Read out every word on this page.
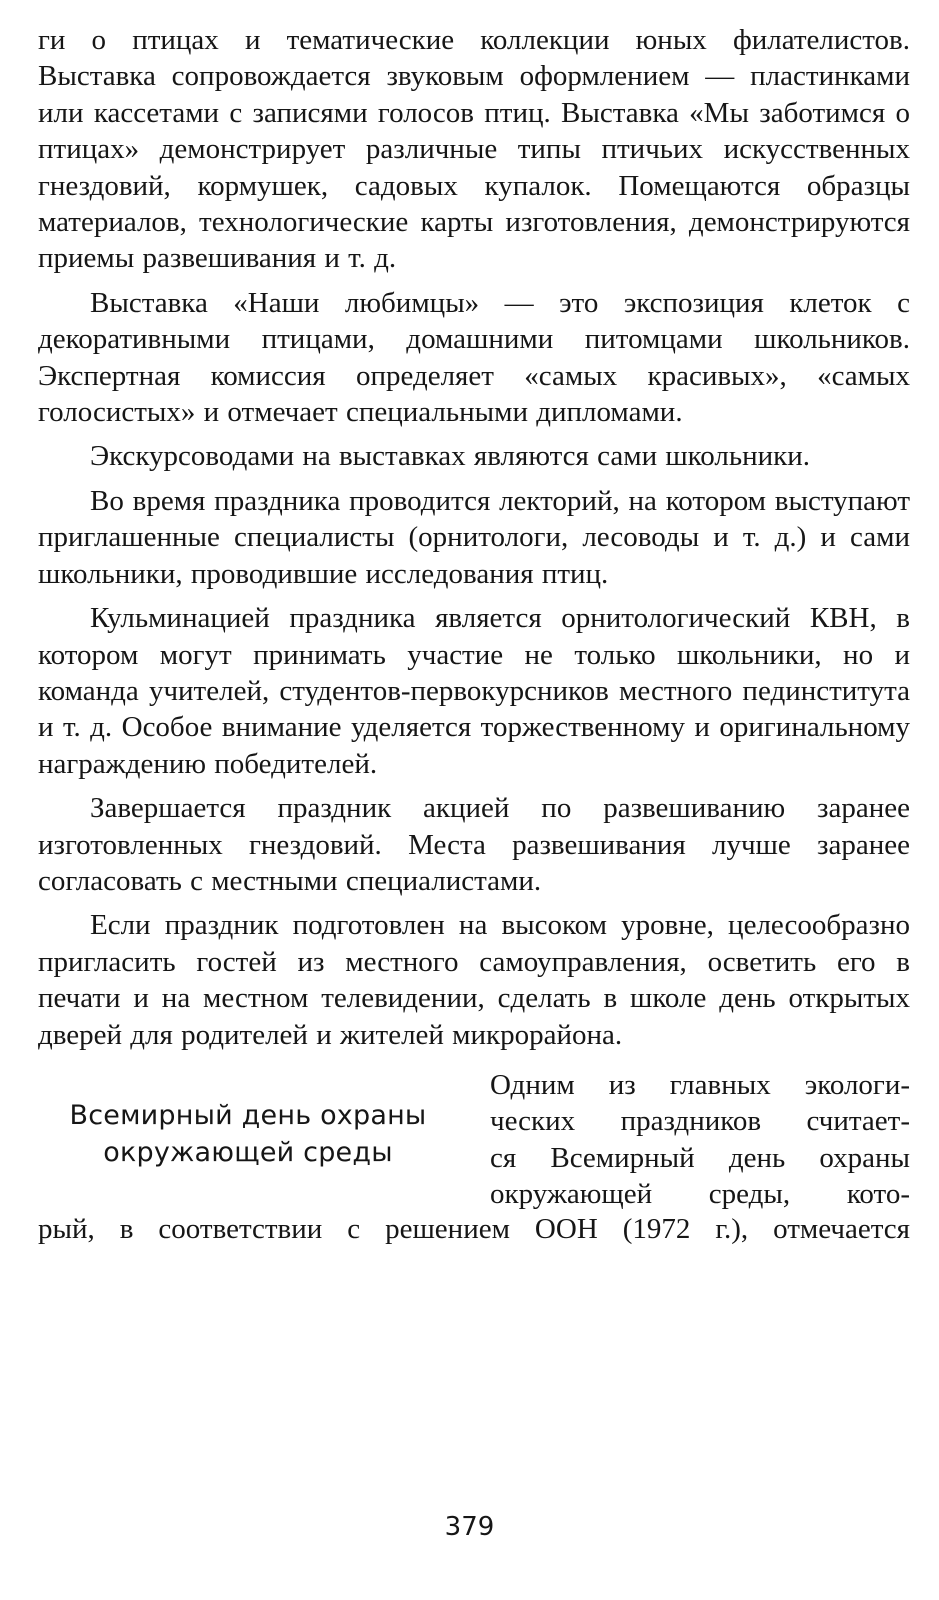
ги о птицах и тематические коллекции юных филателистов. Выставка сопровождается звуковым оформлением — пластинками или кассетами с записями голосов птиц. Выставка «Мы заботимся о птицах» демонстрирует различные типы птичьих искусственных гнездовий, кормушек, садовых купалок. Помещаются образцы материалов, технологические карты изготовления, демонстрируются приемы развешивания и т. д.

Выставка «Наши любимцы» — это экспозиция клеток с декоративными птицами, домашними питомцами школьников. Экспертная комиссия определяет «самых красивых», «самых голосистых» и отмечает специальными дипломами.

Экскурсоводами на выставках являются сами школьники.

Во время праздника проводится лекторий, на котором выступают приглашенные специалисты (орнитологи, лесоводы и т. д.) и сами школьники, проводившие исследования птиц.

Кульминацией праздника является орнитологический КВН, в котором могут принимать участие не только школьники, но и команда учителей, студентов-первокурсников местного пединститута и т. д. Особое внимание уделяется торжественному и оригинальному награждению победителей.

Завершается праздник акцией по развешиванию заранее изготовленных гнездовий. Места развешивания лучше заранее согласовать с местными специалистами.

Если праздник подготовлен на высоком уровне, целесообразно пригласить гостей из местного самоуправления, осветить его в печати и на местном телевидении, сделать в школе день открытых дверей для родителей и жителей микрорайона.

Всемирный день охраны
окружающей среды

Одним из главных экологи-
ческих праздников считает-
ся Всемирный день охраны
окружающей среды, кото-

рый, в соответствии с решением ООН (1972 г.), отмечается

379
